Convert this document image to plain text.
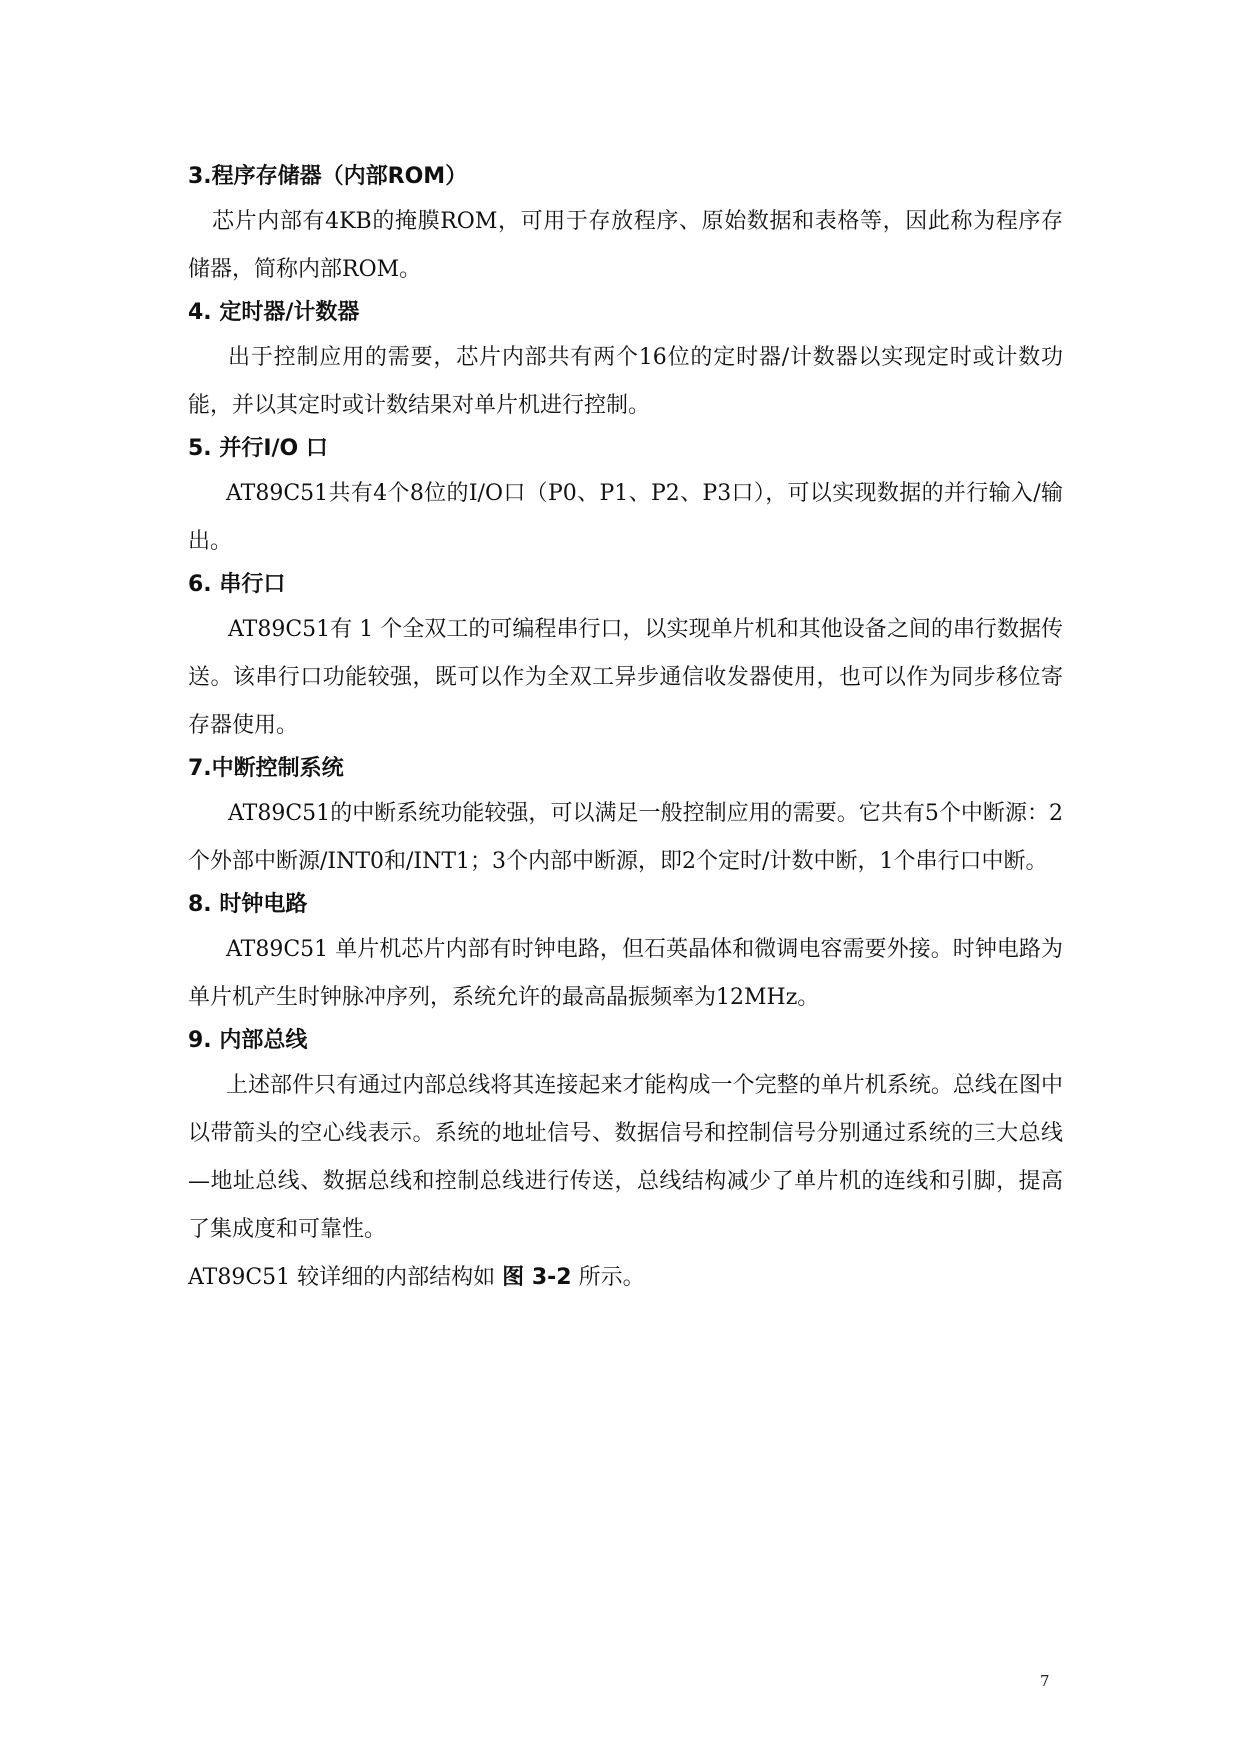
3.程序存储器（内部ROM）

芯片内部有4KB的掩膜ROM，可用于存放程序、原始数据和表格等，因此称为程序存储器，简称内部ROM。

4. 定时器/计数器

出于控制应用的需要，芯片内部共有两个16位的定时器/计数器以实现定时或计数功能，并以其定时或计数结果对单片机进行控制。

5. 并行I/O 口

AT89C51共有4个8位的I/O口（P0、P1、P2、P3口），可以实现数据的并行输入/输出。

6. 串行口

AT89C51有 1 个全双工的可编程串行口，以实现单片机和其他设备之间的串行数据传送。该串行口功能较强，既可以作为全双工异步通信收发器使用，也可以作为同步移位寄存器使用。

7.中断控制系统

AT89C51的中断系统功能较强，可以满足一般控制应用的需要。它共有5个中断源：2个外部中断源/INT0和/INT1；3个内部中断源，即2个定时/计数中断，1个串行口中断。

8. 时钟电路

AT89C51 单片机芯片内部有时钟电路，但石英晶体和微调电容需要外接。时钟电路为单片机产生时钟脉冲序列，系统允许的最高晶振频率为12MHz。

9. 内部总线

上述部件只有通过内部总线将其连接起来才能构成一个完整的单片机系统。总线在图中以带箭头的空心线表示。系统的地址信号、数据信号和控制信号分别通过系统的三大总线—地址总线、数据总线和控制总线进行传送，总线结构减少了单片机的连线和引脚，提高了集成度和可靠性。

AT89C51 较详细的内部结构如 图 3-2 所示。
7
